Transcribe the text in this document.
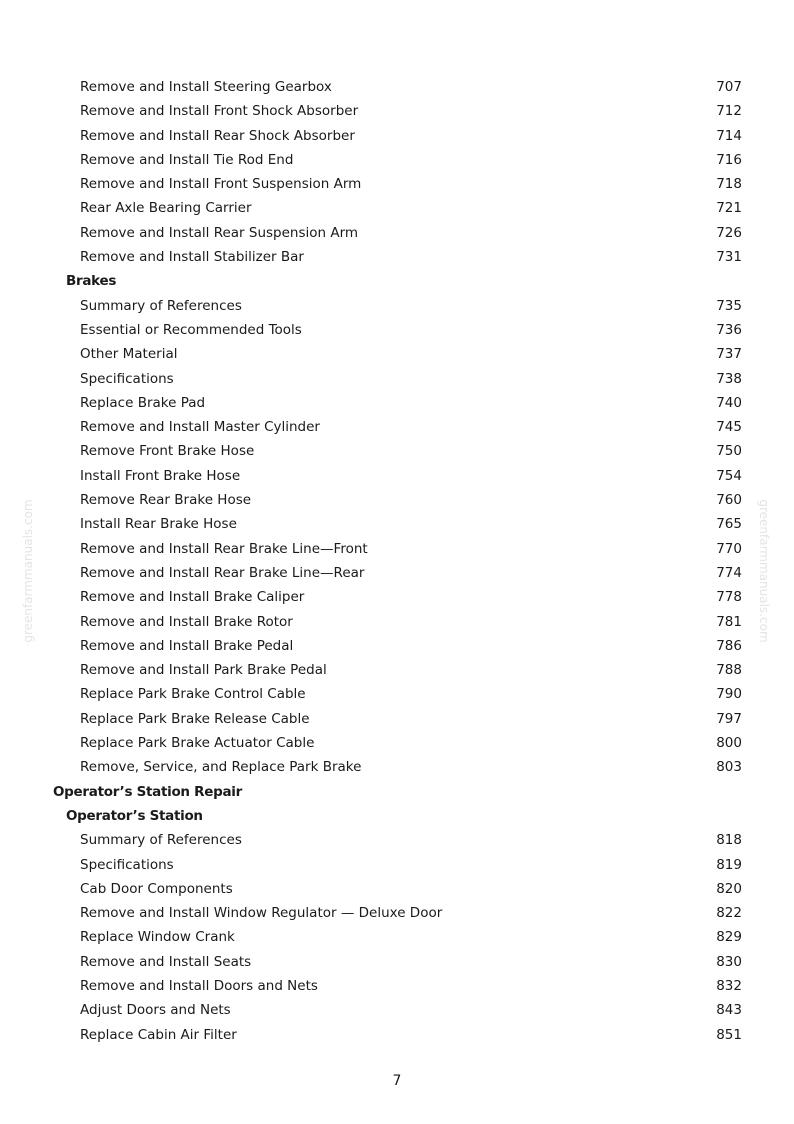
Remove and Install Steering Gearbox	707
Remove and Install Front Shock Absorber	712
Remove and Install Rear Shock Absorber	714
Remove and Install Tie Rod End	716
Remove and Install Front Suspension Arm	718
Rear Axle Bearing Carrier	721
Remove and Install Rear Suspension Arm	726
Remove and Install Stabilizer Bar	731
Brakes
Summary of References	735
Essential or Recommended Tools	736
Other Material	737
Specifications	738
Replace Brake Pad	740
Remove and Install Master Cylinder	745
Remove Front Brake Hose	750
Install Front Brake Hose	754
Remove Rear Brake Hose	760
Install Rear Brake Hose	765
Remove and Install Rear Brake Line—Front	770
Remove and Install Rear Brake Line—Rear	774
Remove and Install Brake Caliper	778
Remove and Install Brake Rotor	781
Remove and Install Brake Pedal	786
Remove and Install Park Brake Pedal	788
Replace Park Brake Control Cable	790
Replace Park Brake Release Cable	797
Replace Park Brake Actuator Cable	800
Remove, Service, and Replace Park Brake	803
Operator’s Station Repair
Operator’s Station
Summary of References	818
Specifications	819
Cab Door Components	820
Remove and Install Window Regulator — Deluxe Door	822
Replace Window Crank	829
Remove and Install Seats	830
Remove and Install Doors and Nets	832
Adjust Doors and Nets	843
Replace Cabin Air Filter	851
greenfarmmanuals.com	greenfarmmanuals.com
7
